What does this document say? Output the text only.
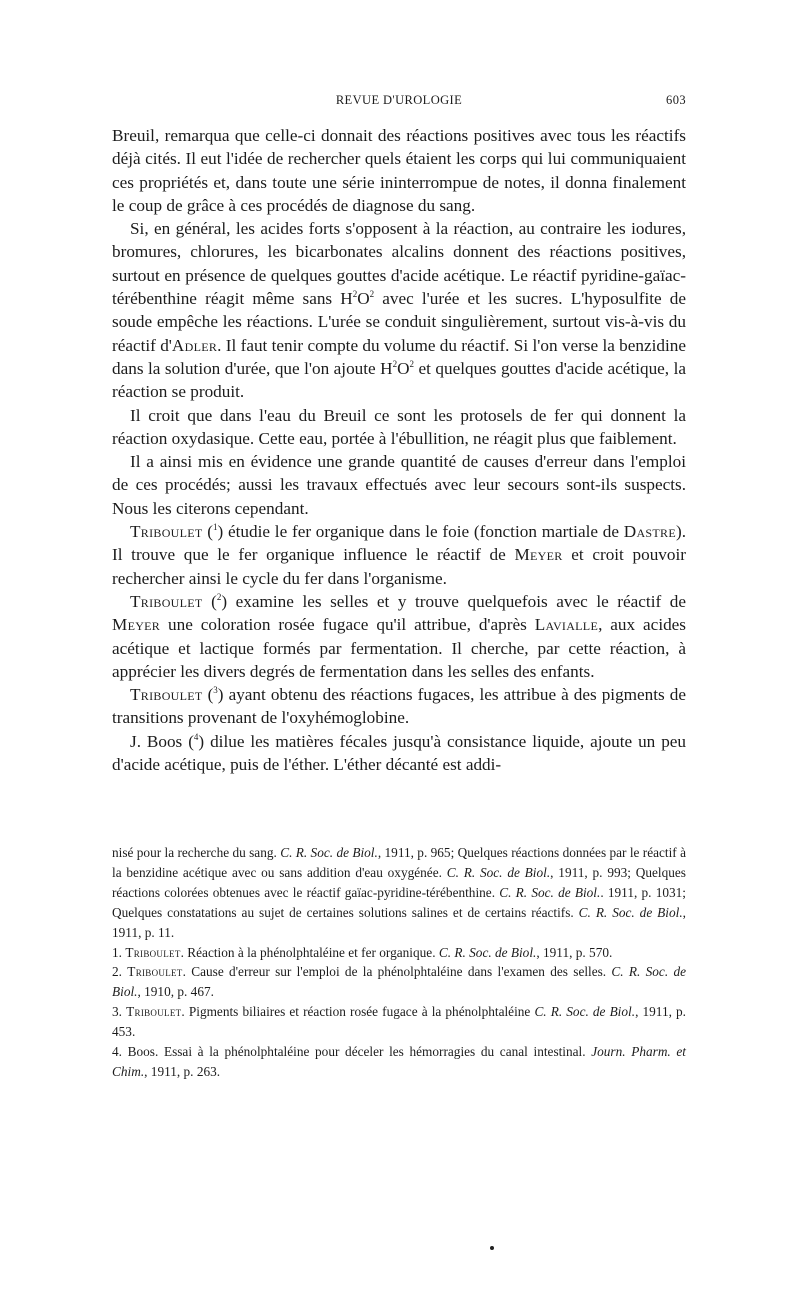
REVUE D'UROLOGIE	603

Breuil, remarqua que celle-ci donnait des réactions positives avec tous les réactifs déjà cités. Il eut l'idée de rechercher quels étaient les corps qui lui communiquaient ces propriétés et, dans toute une série ininterrompue de notes, il donna finalement le coup de grâce à ces procédés de diagnose du sang.

Si, en général, les acides forts s'opposent à la réaction, au contraire les iodures, bromures, chlorures, les bicarbonates alcalins donnent des réactions positives, surtout en présence de quelques gouttes d'acide acétique. Le réactif pyridine-gaïac-térébenthine réagit même sans $H^2O^2$ avec l'urée et les sucres. L'hyposulfite de soude empêche les réactions. L'urée se conduit singulièrement, surtout vis-à-vis du réactif d'Adler. Il faut tenir compte du volume du réactif. Si l'on verse la benzidine dans la solution d'urée, que l'on ajoute $H^2O^2$ et quelques gouttes d'acide acétique, la réaction se produit.

Il croit que dans l'eau du Breuil ce sont les protosels de fer qui donnent la réaction oxydasique. Cette eau, portée à l'ébullition, ne réagit plus que faiblement.

Il a ainsi mis en évidence une grande quantité de causes d'erreur dans l'emploi de ces procédés; aussi les travaux effectués avec leur secours sont-ils suspects. Nous les citerons cependant.

Triboulet ($^1$) étudie le fer organique dans le foie (fonction martiale de Dastre). Il trouve que le fer organique influence le réactif de Meyer et croit pouvoir rechercher ainsi le cycle du fer dans l'organisme.

Triboulet ($^2$) examine les selles et y trouve quelquefois avec le réactif de Meyer une coloration rosée fugace qu'il attribue, d'après Lavialle, aux acides acétique et lactique formés par fermentation. Il cherche, par cette réaction, à apprécier les divers degrés de fermentation dans les selles des enfants.

Triboulet ($^3$) ayant obtenu des réactions fugaces, les attribue à des pigments de transitions provenant de l'oxyhémoglobine.

J. Boos ($^4$) dilue les matières fécales jusqu'à consistance liquide, ajoute un peu d'acide acétique, puis de l'éther. L'éther décanté est addi-

nisé pour la recherche du sang. C. R. Soc. de Biol., 1911, p. 965; Quelques réactions données par le réactif à la benzidine acétique avec ou sans addition d'eau oxygénée. C. R. Soc. de Biol., 1911, p. 993; Quelques réactions colorées obtenues avec le réactif gaïac-pyridine-térébenthine. C. R. Soc. de Biol.. 1911, p. 1031; Quelques constatations au sujet de certaines solutions salines et de certains réactifs. C. R. Soc. de Biol., 1911, p. 11.

1. Triboulet. Réaction à la phénolphtaléine et fer organique. C. R. Soc. de Biol., 1911, p. 570.

2. Triboulet. Cause d'erreur sur l'emploi de la phénolphtaléine dans l'examen des selles. C. R. Soc. de Biol., 1910, p. 467.

3. Triboulet. Pigments biliaires et réaction rosée fugace à la phénolphtaléine C. R. Soc. de Biol., 1911, p. 453.

4. Boos. Essai à la phénolphtaléine pour déceler les hémorragies du canal intestinal. Journ. Pharm. et Chim., 1911, p. 263.
